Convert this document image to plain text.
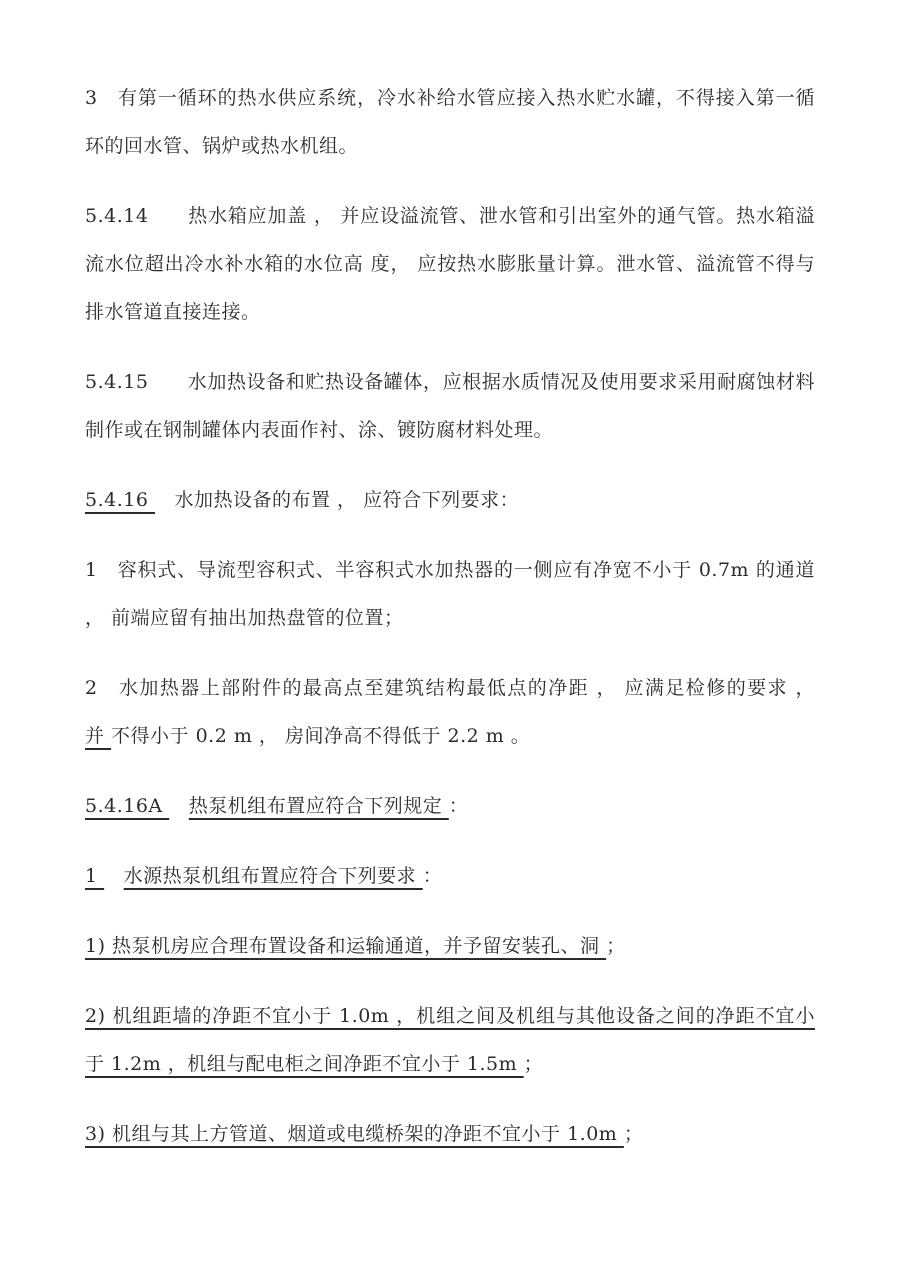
3　有第一循环的热水供应系统，冷水补给水管应接入热水贮水罐，不得接入第一循环的回水管、锅炉或热水机组。

5.4.14　　热水箱应加盖 ， 并应设溢流管、泄水管和引出室外的通气管。热水箱溢流水位超出冷水补水箱的水位高 度， 应按热水膨胀量计算。泄水管、溢流管不得与排水管道直接连接。

5.4.15　　水加热设备和贮热设备罐体，应根据水质情况及使用要求采用耐腐蚀材料制作或在钢制罐体内表面作衬、涂、镀防腐材料处理。

5.4.16 　水加热设备的布置 ， 应符合下列要求：

1　容积式、导流型容积式、半容积式水加热器的一侧应有净宽不小于 0.7m 的通道 ， 前端应留有抽出加热盘管的位置；

2　水加热器上部附件的最高点至建筑结构最低点的净距 ， 应满足检修的要求 ， 并 不得小于 0.2 m ， 房间净高不得低于 2.2 m 。

5.4.16A 　热泵机组布置应符合下列规定 ：

1 　水源热泵机组布置应符合下列要求 ：

1) 热泵机房应合理布置设备和运输通道，并予留安装孔、洞 ；

2) 机组距墙的净距不宜小于 1.0m ，机组之间及机组与其他设备之间的净距不宜小于 1.2m ，机组与配电柜之间净距不宜小于 1.5m ；

3) 机组与其上方管道、烟道或电缆桥架的净距不宜小于 1.0m ；
